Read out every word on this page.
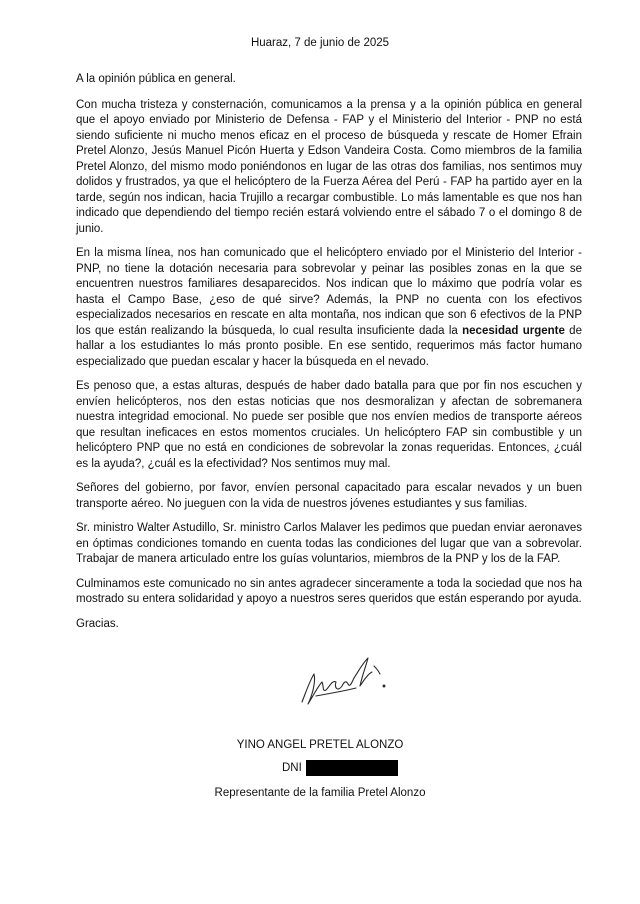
Huaraz, 7 de junio de 2025

A la opinión pública en general.

Con mucha tristeza y consternación, comunicamos a la prensa y a la opinión pública en general que el apoyo enviado por Ministerio de Defensa - FAP y el Ministerio del Interior - PNP no está siendo suficiente ni mucho menos eficaz en el proceso de búsqueda y rescate de Homer Efrain Pretel Alonzo, Jesús Manuel Picón Huerta y Edson Vandeira Costa. Como miembros de la familia Pretel Alonzo, del mismo modo poniéndonos en lugar de las otras dos familias, nos sentimos muy dolidos y frustrados, ya que el helicóptero de la Fuerza Aérea del Perú - FAP ha partido ayer en la tarde, según nos indican, hacia Trujillo a recargar combustible. Lo más lamentable es que nos han indicado que dependiendo del tiempo recién estará volviendo entre el sábado 7 o el domingo 8 de junio.

En la misma línea, nos han comunicado que el helicóptero enviado por el Ministerio del Interior - PNP, no tiene la dotación necesaria para sobrevolar y peinar las posibles zonas en la que se encuentren nuestros familiares desaparecidos. Nos indican que lo máximo que podría volar es hasta el Campo Base, ¿eso de qué sirve? Además, la PNP no cuenta con los efectivos especializados necesarios en rescate en alta montaña, nos indican que son 6 efectivos de la PNP los que están realizando la búsqueda, lo cual resulta insuficiente dada la necesidad urgente de hallar a los estudiantes lo más pronto posible. En ese sentido, requerimos más factor humano especializado que puedan escalar y hacer la búsqueda en el nevado.

Es penoso que, a estas alturas, después de haber dado batalla para que por fin nos escuchen y envíen helicópteros, nos den estas noticias que nos desmoralizan y afectan de sobremanera nuestra integridad emocional. No puede ser posible que nos envíen medios de transporte aéreos que resultan ineficaces en estos momentos cruciales. Un helicóptero FAP sin combustible y un helicóptero PNP que no está en condiciones de sobrevolar la zonas requeridas. Entonces, ¿cuál es la ayuda?, ¿cuál es la efectividad? Nos sentimos muy mal.

Señores del gobierno, por favor, envíen personal capacitado para escalar nevados y un buen transporte aéreo. No jueguen con la vida de nuestros jóvenes estudiantes y sus familias.

Sr. ministro Walter Astudillo, Sr. ministro Carlos Malaver les pedimos que puedan enviar aeronaves en óptimas condiciones tomando en cuenta todas las condiciones del lugar que van a sobrevolar. Trabajar de manera articulado entre los guías voluntarios, miembros de la PNP y los de la FAP.

Culminamos este comunicado no sin antes agradecer sinceramente a toda la sociedad que nos ha mostrado su entera solidaridad y apoyo a nuestros seres queridos que están esperando por ayuda.

Gracias.

YINO ANGEL PRETEL ALONZO
DNI
Representante de la familia Pretel Alonzo
